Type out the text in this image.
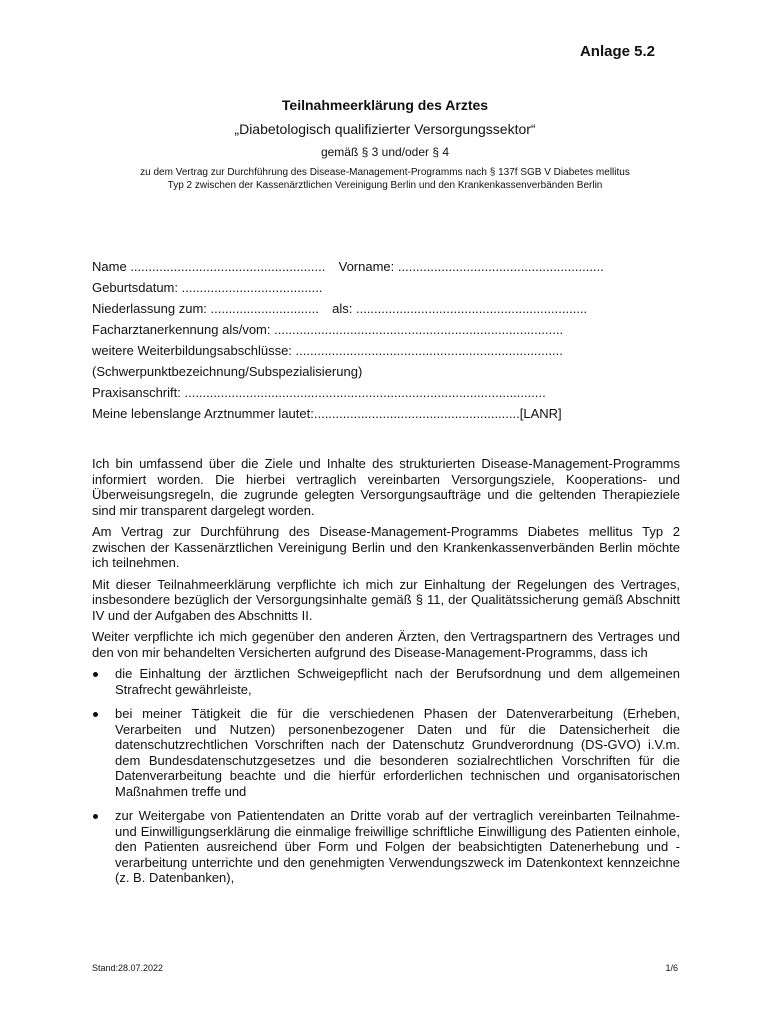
Anlage 5.2
Teilnahmeerklärung des Arztes
„Diabetologisch qualifizierter Versorgungssektor“
gemäß § 3 und/oder § 4
zu dem Vertrag zur Durchführung des Disease-Management-Programms nach § 137f SGB V Diabetes mellitus
Typ 2 zwischen der Kassenärztlichen Vereinigung Berlin und den Krankenkassenverbänden Berlin
Name ...................................................... Vorname: .........................................................
Geburtsdatum: .......................................
Niederlassung zum: .............................. als: ................................................................
Facharztanerkennung als/vom: ................................................................................
weitere Weiterbildungsabschlüsse: ..........................................................................
(Schwerpunktbezeichnung/Subspezialisierung)
Praxisanschrift: ....................................................................................................
Meine lebenslange Arztnummer lautet:.........................................................[LANR]

Ich bin umfassend über die Ziele und Inhalte des strukturierten Disease-Management-Programms informiert worden. Die hierbei vertraglich vereinbarten Versorgungsziele, Kooperations- und Überweisungsregeln, die zugrunde gelegten Versorgungsaufträge und die geltenden Therapieziele sind mir transparent dargelegt worden.

Am Vertrag zur Durchführung des Disease-Management-Programms Diabetes mellitus Typ 2 zwischen der Kassenärztlichen Vereinigung Berlin und den Krankenkassenverbänden Berlin möchte ich teilnehmen.

Mit dieser Teilnahmeerklärung verpflichte ich mich zur Einhaltung der Regelungen des Vertrages, insbesondere bezüglich der Versorgungsinhalte gemäß § 11, der Qualitätssicherung gemäß Abschnitt IV und der Aufgaben des Abschnitts II.

Weiter verpflichte ich mich gegenüber den anderen Ärzten, den Vertragspartnern des Vertrages und den von mir behandelten Versicherten aufgrund des Disease-Management-Programms, dass ich

die Einhaltung der ärztlichen Schweigepflicht nach der Berufsordnung und dem allgemeinen Strafrecht gewährleiste,
bei meiner Tätigkeit die für die verschiedenen Phasen der Datenverarbeitung (Erheben, Verarbeiten und Nutzen) personenbezogener Daten und für die Datensicherheit die datenschutzrechtlichen Vorschriften nach der Datenschutz Grundverordnung (DS-GVO) i.V.m. dem Bundesdatenschutzgesetzes und die besonderen sozialrechtlichen Vorschriften für die Datenverarbeitung beachte und die hierfür erforderlichen technischen und organisatorischen Maßnahmen treffe und
zur Weitergabe von Patientendaten an Dritte vorab auf der vertraglich vereinbarten Teilnahme- und Einwilligungserklärung die einmalige freiwillige schriftliche Einwilligung des Patienten einhole, den Patienten ausreichend über Form und Folgen der beabsichtigten Datenerhebung und -verarbeitung unterrichte und den genehmigten Verwendungszweck im Datenkontext kennzeichne (z. B. Datenbanken),
Stand:28.07.2022	1/6
